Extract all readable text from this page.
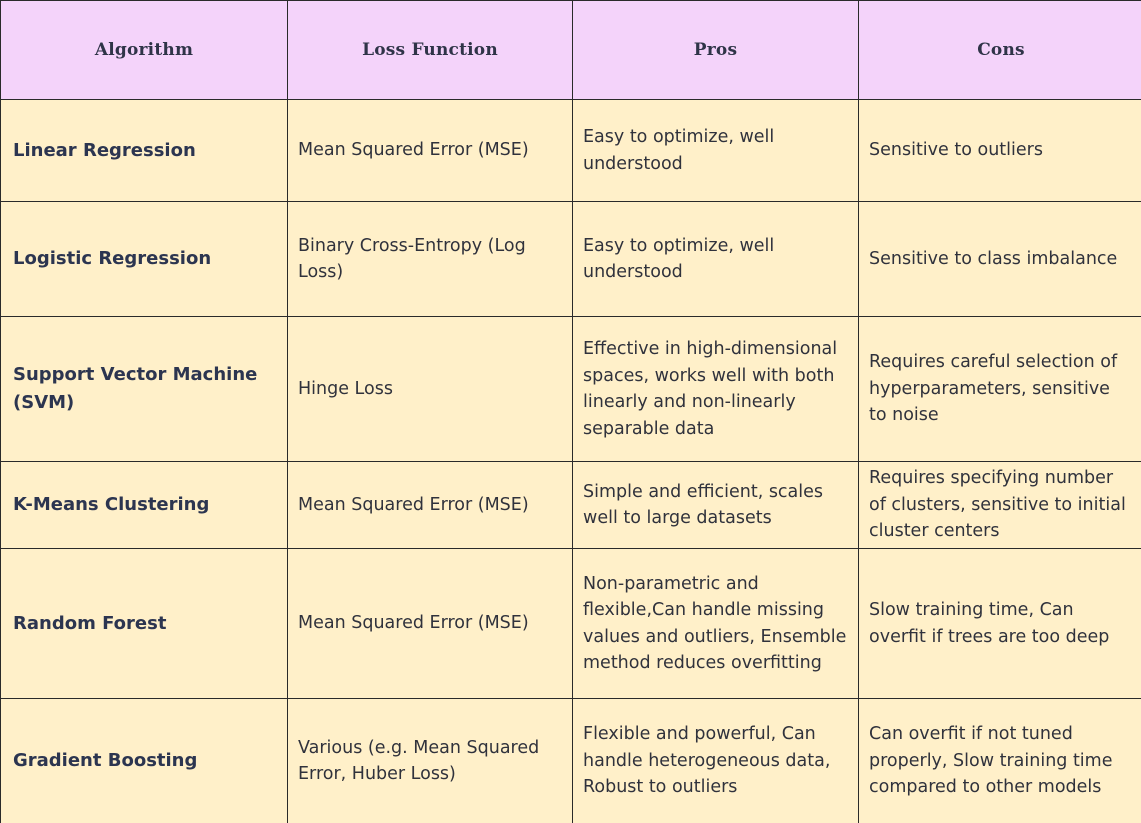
Algorithm	Loss Function	Pros	Cons
Linear Regression	Mean Squared Error (MSE)	Easy to optimize, well understood	Sensitive to outliers
Logistic Regression	Binary Cross-Entropy (Log Loss)	Easy to optimize, well understood	Sensitive to class imbalance
Support Vector Machine (SVM)	Hinge Loss	Effective in high-dimensional spaces, works well with both linearly and non-linearly separable data	Requires careful selection of hyperparameters, sensitive to noise
K-Means Clustering	Mean Squared Error (MSE)	Simple and efficient, scales well to large datasets	Requires specifying number of clusters, sensitive to initial cluster centers
Random Forest	Mean Squared Error (MSE)	Non-parametric and flexible,Can handle missing values and outliers, Ensemble method reduces overfitting	Slow training time, Can overfit if trees are too deep
Gradient Boosting	Various (e.g. Mean Squared Error, Huber Loss)	Flexible and powerful, Can handle heterogeneous data, Robust to outliers	Can overfit if not tuned properly, Slow training time compared to other models
